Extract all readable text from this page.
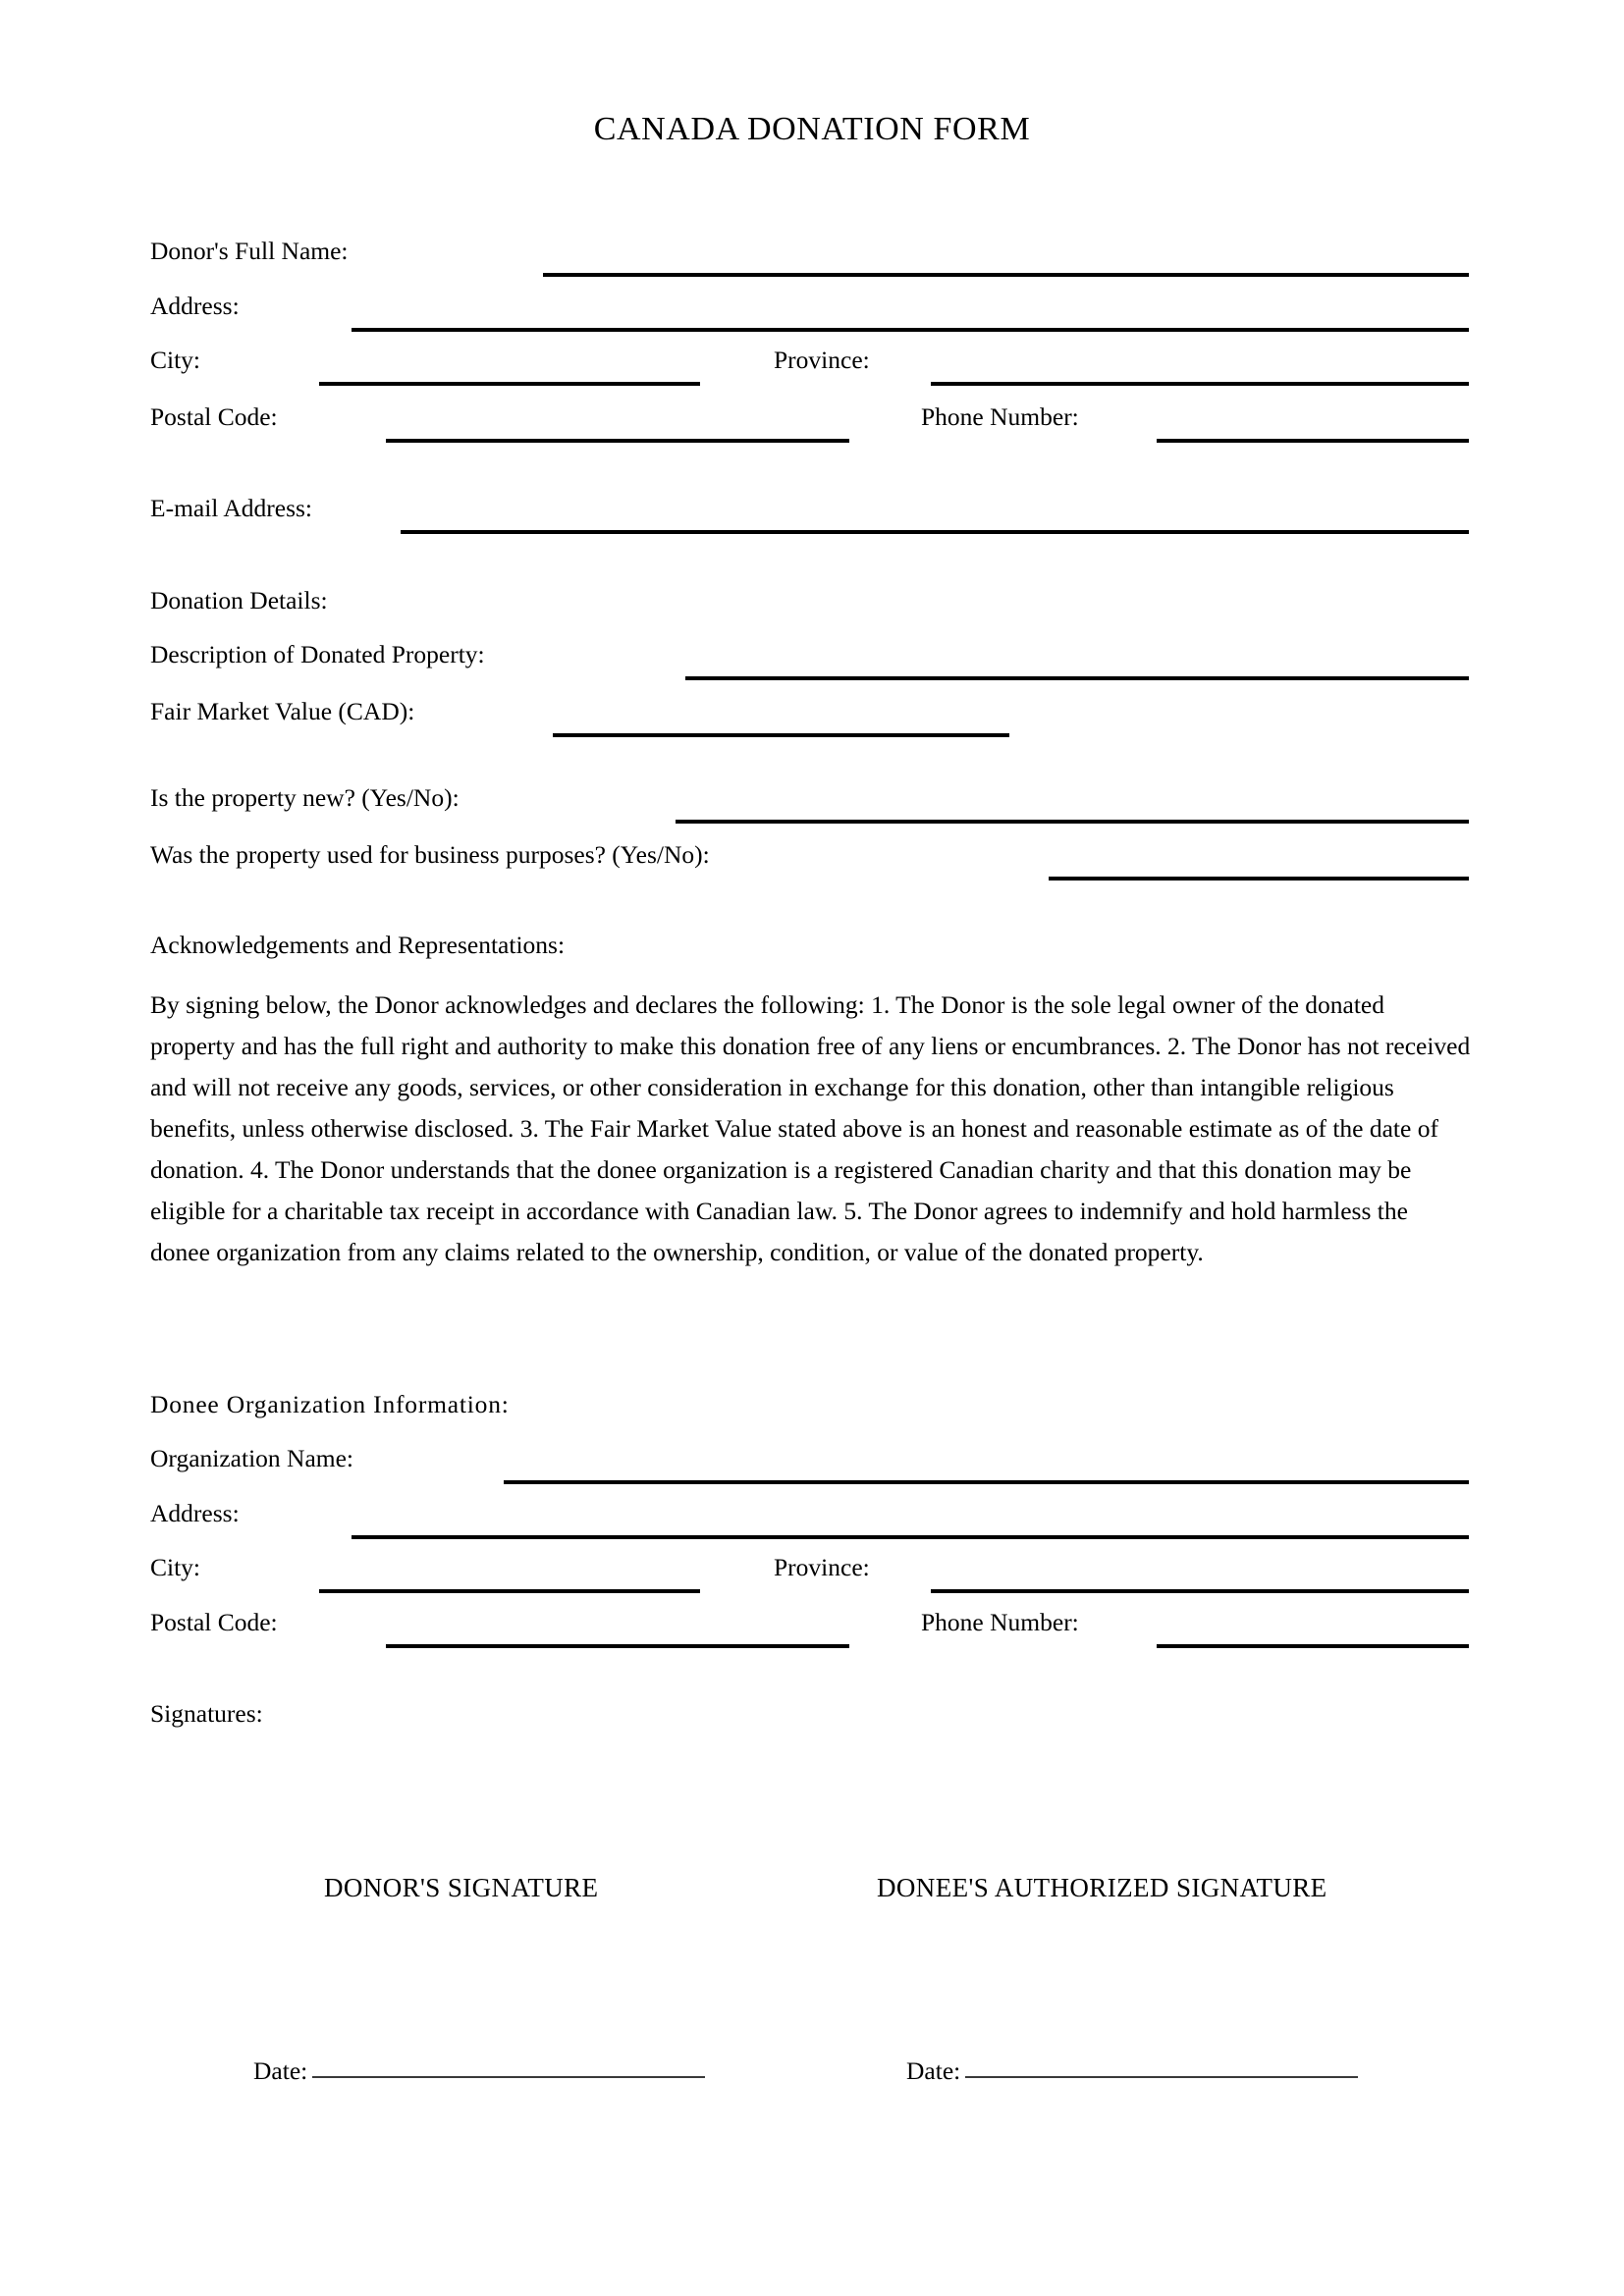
CANADA DONATION FORM
Donor's Full Name:
Address:
City:	Province:
Postal Code:	Phone Number:
E-mail Address:
Donation Details:
Description of Donated Property:
Fair Market Value (CAD):
Is the property new? (Yes/No):
Was the property used for business purposes? (Yes/No):
Acknowledgements and Representations:
By signing below, the Donor acknowledges and declares the following: 1. The Donor is the sole legal owner of the donated property and has the full right and authority to make this donation free of any liens or encumbrances. 2. The Donor has not received and will not receive any goods, services, or other consideration in exchange for this donation, other than intangible religious benefits, unless otherwise disclosed. 3. The Fair Market Value stated above is an honest and reasonable estimate as of the date of donation. 4. The Donor understands that the donee organization is a registered Canadian charity and that this donation may be eligible for a charitable tax receipt in accordance with Canadian law. 5. The Donor agrees to indemnify and hold harmless the donee organization from any claims related to the ownership, condition, or value of the donated property.
Donee Organization Information:
Organization Name:
Address:
City:	Province:
Postal Code:	Phone Number:
Signatures:
DONOR'S SIGNATURE	DONEE'S AUTHORIZED SIGNATURE
Date:	Date:
